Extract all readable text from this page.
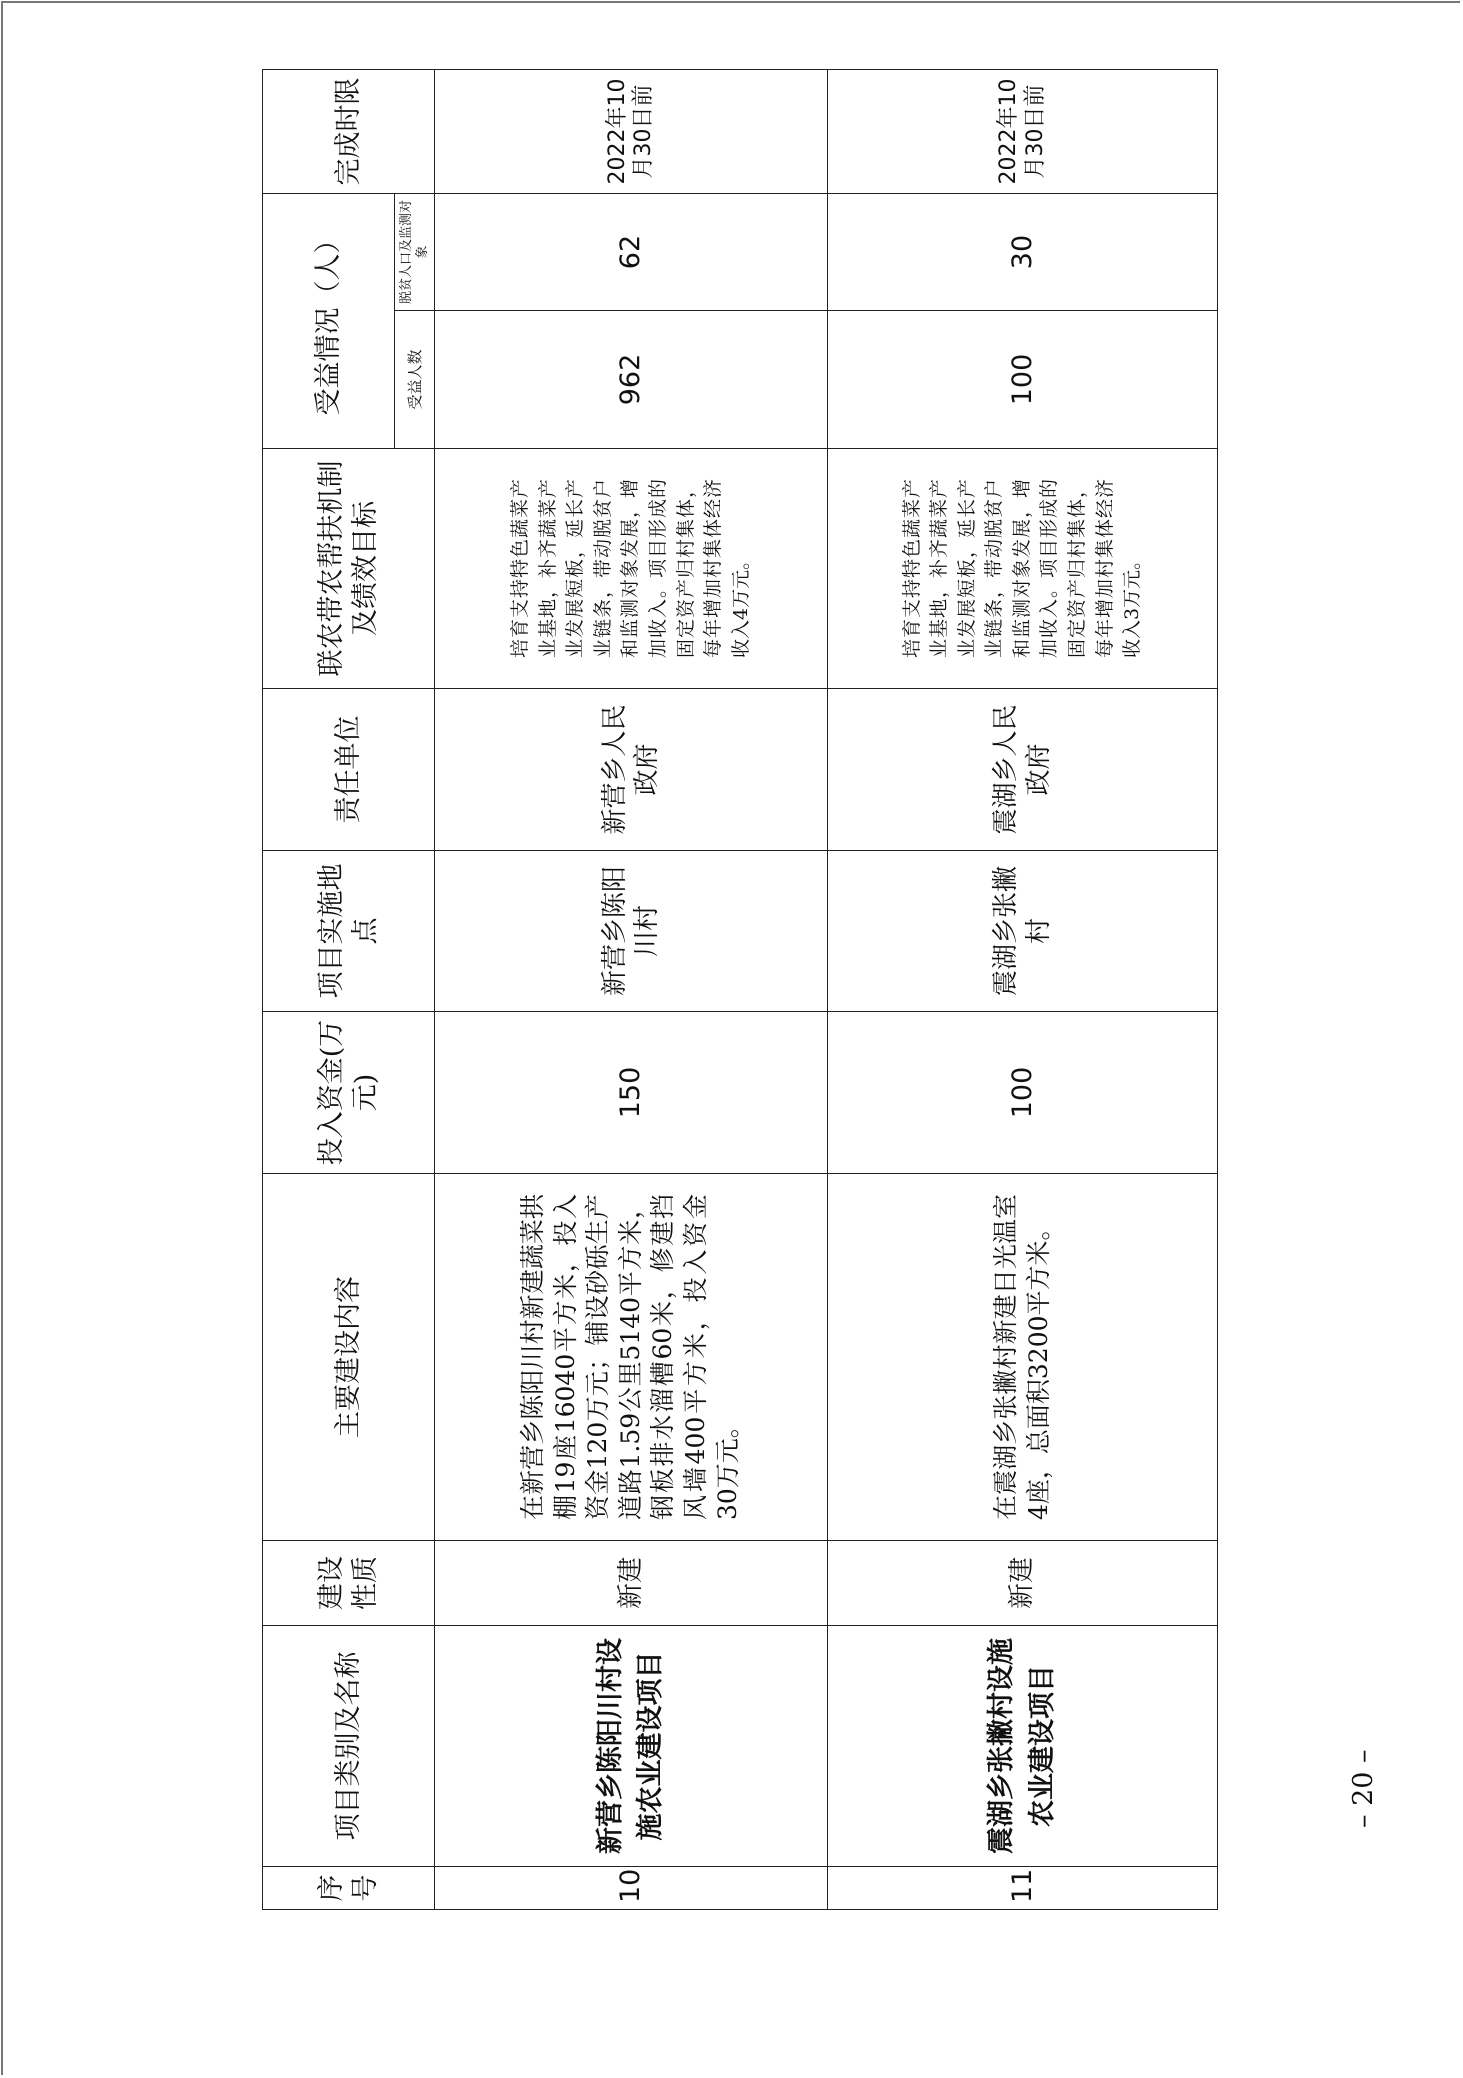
序号	项目类别及名称	建设性质	主要建设内容	投入资金(万元)	项目实施地点	责任单位	联农带农帮扶机制及绩效目标	受益情况（人）		完成时限
								受益人数	脱贫人口及监测对象	
10	新营乡陈阳川村设施农业建设项目	新建	在新营乡陈阳川村新建蔬菜拱棚19座16040平方米，投入资金120万元；铺设砂砾生产道路1.59公里5140平方米，钢板排水溜槽60米，修建挡风墙400平方米，投入资金30万元。	150	新营乡陈阳川村	新营乡人民政府	培育支持特色蔬菜产业基地，补齐蔬菜产业发展短板，延长产业链条，带动脱贫户和监测对象发展，增加收入。项目形成的固定资产归村集体，每年增加村集体经济收入4万元。	962	62	2022年10月30日前
11	震湖乡张撇村设施农业建设项目	新建	在震湖乡张撇村新建日光温室4座，总面积3200平方米。	100	震湖乡张撇村	震湖乡人民政府	培育支持特色蔬菜产业基地，补齐蔬菜产业发展短板，延长产业链条，带动脱贫户和监测对象发展，增加收入。项目形成的固定资产归村集体，每年增加村集体经济收入3万元。	100	30	2022年10月30日前
– 20 –
